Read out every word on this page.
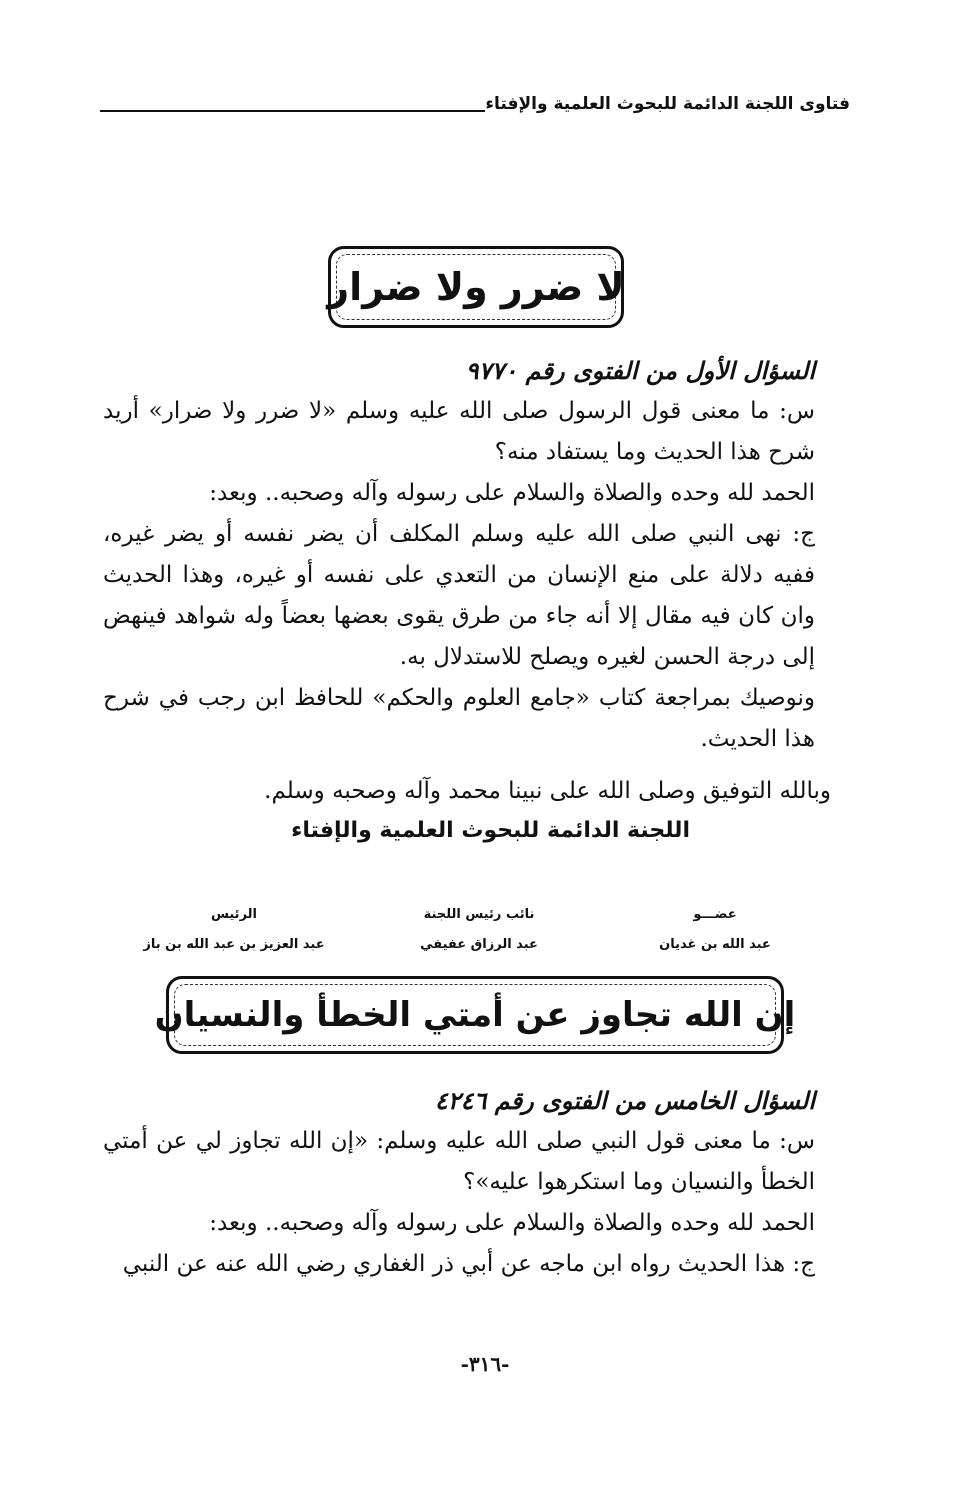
فتاوى اللجنة الدائمة للبحوث العلمية والإفتاء
لا ضرر ولا ضرار

السؤال الأول من الفتوى رقم ٩٧٧٠

س: ما معنى قول الرسول صلى الله عليه وسلم «لا ضرر ولا ضرار» أريد شرح هذا الحديث وما يستفاد منه؟

الحمد لله وحده والصلاة والسلام على رسوله وآله وصحبه.. وبعد:

ج: نهى النبي صلى الله عليه وسلم المكلف أن يضر نفسه أو يضر غيره، ففيه دلالة على منع الإنسان من التعدي على نفسه أو غيره، وهذا الحديث وان كان فيه مقال إلا أنه جاء من طرق يقوى بعضها بعضاً وله شواهد فينهض إلى درجة الحسن لغيره ويصلح للاستدلال به.

ونوصيك بمراجعة كتاب «جامع العلوم والحكم» للحافظ ابن رجب في شرح هذا الحديث.

وبالله التوفيق وصلى الله على نبينا محمد وآله وصحبه وسلم.
اللجنة الدائمة للبحوث العلمية والإفتاء
عضـــو
عبد الله بن غديان
نائب رئيس اللجنة
عبد الرزاق عفيفي
الرئيس
عبد العزيز بن عبد الله بن باز
إن الله تجاوز عن أمتي الخطأ والنسيان

السؤال الخامس من الفتوى رقم ٤٢٤٦

س: ما معنى قول النبي صلى الله عليه وسلم: «إن الله تجاوز لي عن أمتي الخطأ والنسيان وما استكرهوا عليه»؟

الحمد لله وحده والصلاة والسلام على رسوله وآله وصحبه.. وبعد:

ج: هذا الحديث رواه ابن ماجه عن أبي ذر الغفاري رضي الله عنه عن النبي

-٣١٦-
